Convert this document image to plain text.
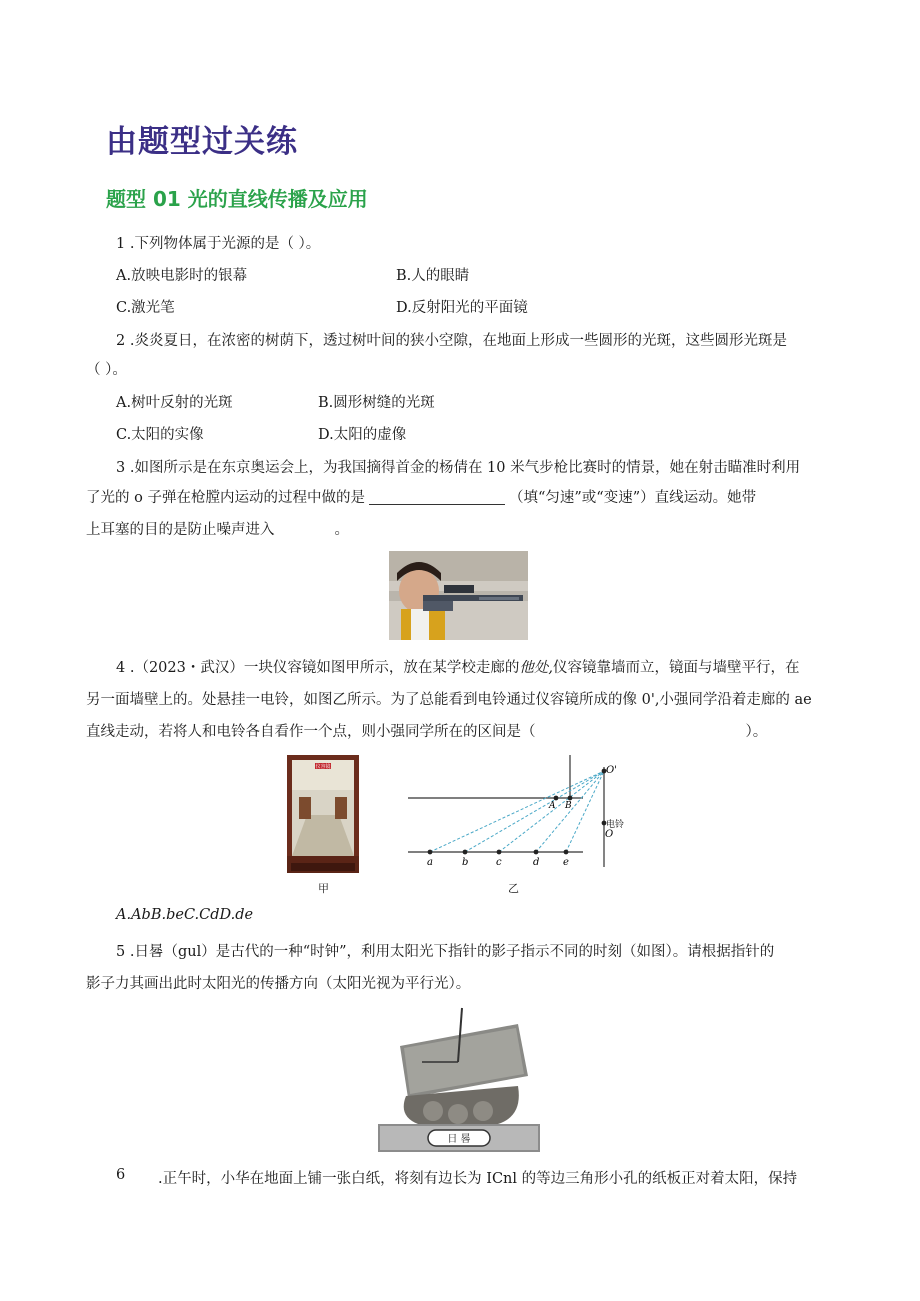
由题型过关练
题型 01 光的直线传播及应用
1 .下列物体属于光源的是（ ）。
A.放映电影时的银幕	B.人的眼睛
C.激光笔	D.反射阳光的平面镜
2 .炎炎夏日，在浓密的树荫下，透过树叶间的狭小空隙，在地面上形成一些圆形的光斑，这些圆形光斑是
（ ）。
A.树叶反射的光斑	B.圆形树缝的光斑
C.太阳的实像	D.太阳的虚像
3 .如图所示是在东京奥运会上，为我国摘得首金的杨倩在 10 米气步枪比赛时的情景，她在射击瞄准时利用
了光的 o 子弹在枪膛内运动的过程中做的是	（填“匀速”或“变速”）直线运动。她带
上耳塞的目的是防止噪声进入	。
4 .（2023・武汉）一块仪容镜如图甲所示，放在某学校走廊的他处,仪容镜靠墙而立，镜面与墙壁平行，在
另一面墙壁上的。处悬挂一电铃，如图乙所示。为了总能看到电铃通过仪容镜所成的像 0',小强同学沿着走廊的 ae
直线走动，若将人和电铃各自看作一个点，则小强同学所在的区间是（	）。
仪容镜
a	b	c	d e
A B
O'
O
电铃
甲	乙
A.AbB.beC.CdD.de
5 .日晷（gul）是古代的一种“时钟”，利用太阳光下指针的影子指示不同的时刻（如图）。请根据指针的
影子力其画出此时太阳光的传播方向（太阳光视为平行光）。
日 晷
6 .正午时，小华在地面上铺一张白纸，将刻有边长为 ICnl 的等边三角形小孔的纸板正对着太阳，保持
